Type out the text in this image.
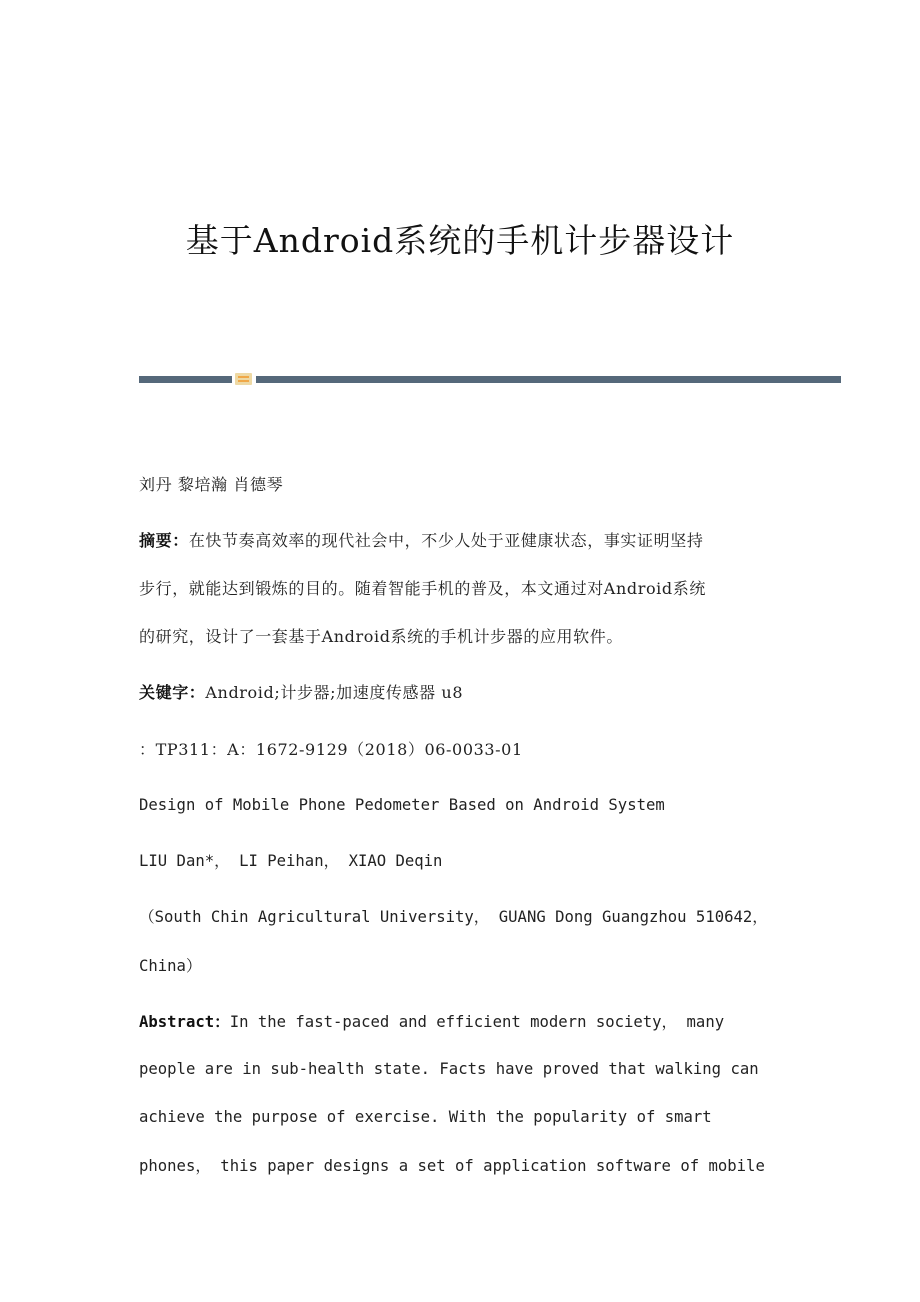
基于Android系统的手机计步器设计

刘丹 黎培瀚 肖德琴

摘要：在快节奏高效率的现代社会中，不少人处于亚健康状态，事实证明坚持

步行，就能达到锻炼的目的。随着智能手机的普及，本文通过对Android系统

的研究，设计了一套基于Android系统的手机计步器的应用软件。

关键字：Android;计步器;加速度传感器 u8

：TP311：A：1672-9129（2018）06-0033-01

Design of Mobile Phone Pedometer Based on Android System

LIU Dan*， LI Peihan， XIAO Deqin

（South Chin Agricultural University， GUANG Dong Guangzhou 510642，

China）

Abstract：In the fast-paced and efficient modern society， many

people are in sub-health state. Facts have proved that walking can

achieve the purpose of exercise. With the popularity of smart

phones， this paper designs a set of application software of mobile
